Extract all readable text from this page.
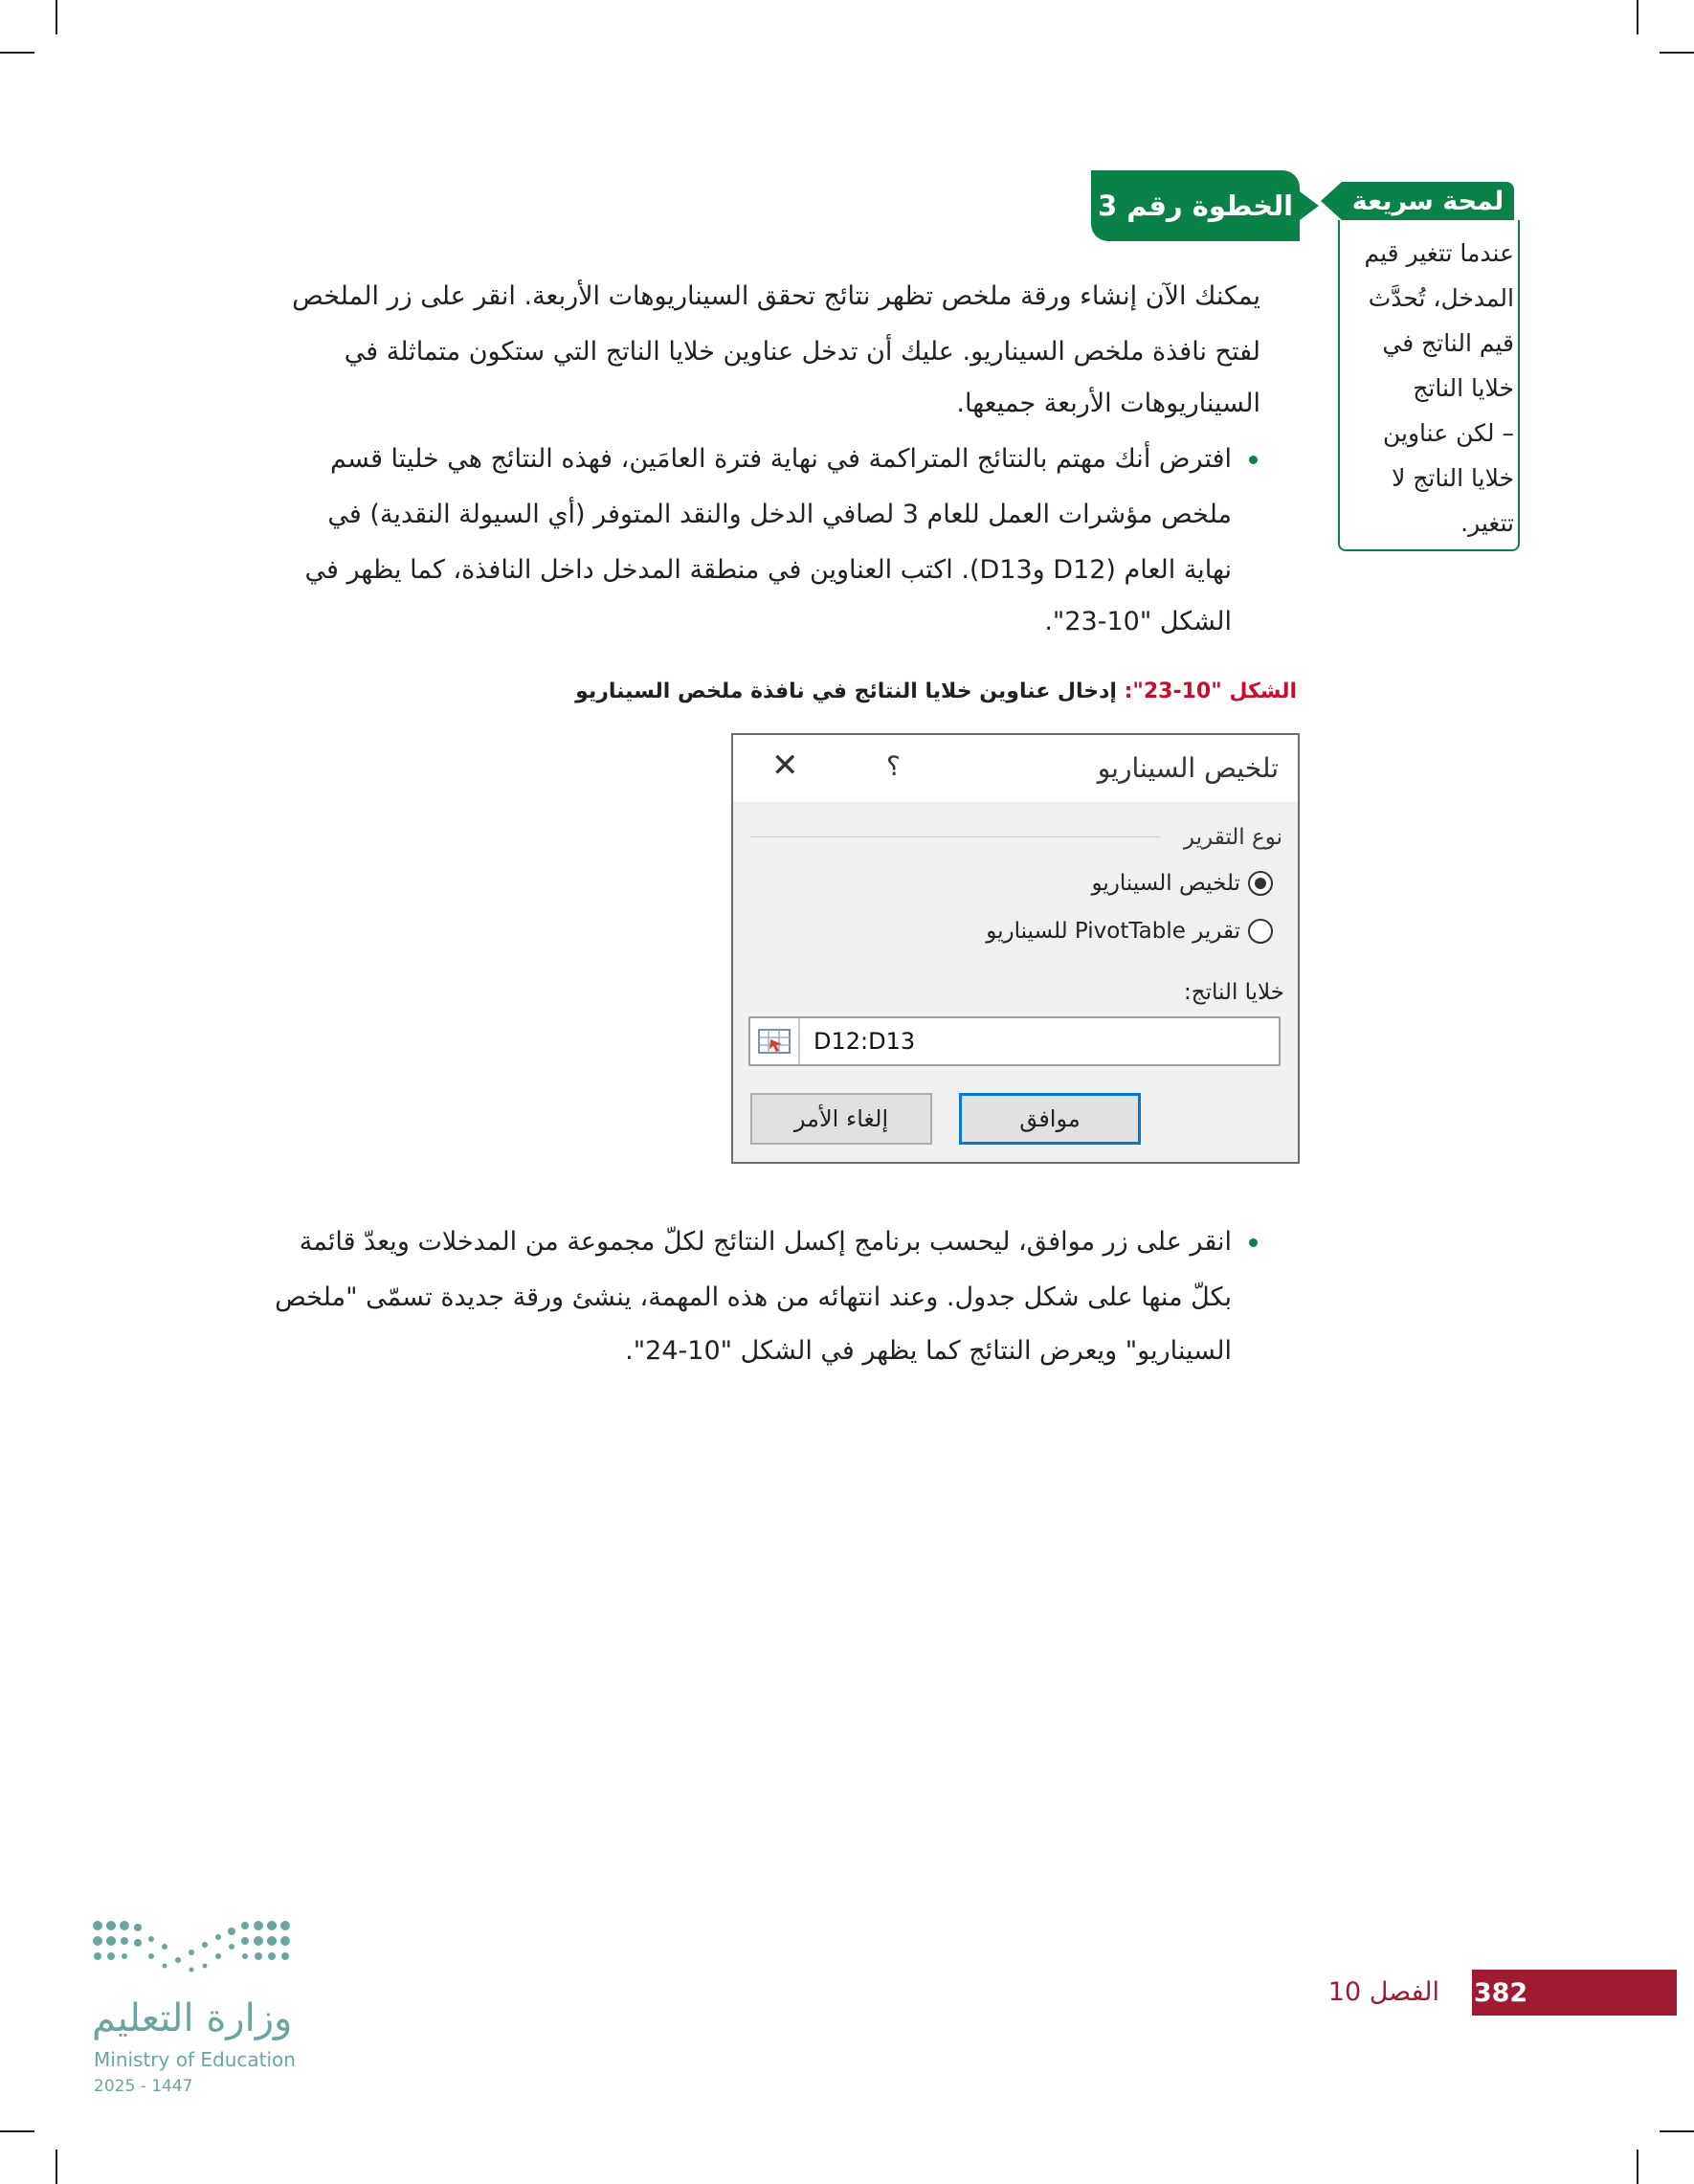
الخطوة رقم 3	لمحة سريعة
عندما تتغير قيم
المدخل، تُحدَّث
قيم الناتج في
خلايا الناتج
– لكن عناوين
خلايا الناتج لا
تتغير.
يمكنك الآن إنشاء ورقة ملخص تظهر نتائج تحقق السيناريوهات الأربعة. انقر على زر الملخص
لفتح نافذة ملخص السيناريو. عليك أن تدخل عناوين خلايا الناتج التي ستكون متماثلة في
السيناريوهات الأربعة جميعها.
افترض أنك مهتم بالنتائج المتراكمة في نهاية فترة العامَين، فهذه النتائج هي خليتا قسم
ملخص مؤشرات العمل للعام 3 لصافي الدخل والنقد المتوفر (أي السيولة النقدية) في
نهاية العام (D12 وD13). اكتب العناوين في منطقة المدخل داخل النافذة، كما يظهر في
الشكل "10-23".
الشكل "10-23": إدخال عناوين خلايا النتائج في نافذة ملخص السيناريو
تلخيص السيناريو
؟
✕
نوع التقرير
تلخيص السيناريو
تقرير PivotTable للسيناريو
خلايا الناتج:
D12:D13
موافق
إلغاء الأمر
انقر على زر موافق، ليحسب برنامج إكسل النتائج لكلّ مجموعة من المدخلات ويعدّ قائمة
بكلّ منها على شكل جدول. وعند انتهائه من هذه المهمة، ينشئ ورقة جديدة تسمّى "ملخص
السيناريو" ويعرض النتائج كما يظهر في الشكل "10-24".
382
الفصل 10
وزارة التعليم
Ministry of Education
2025 - 1447
